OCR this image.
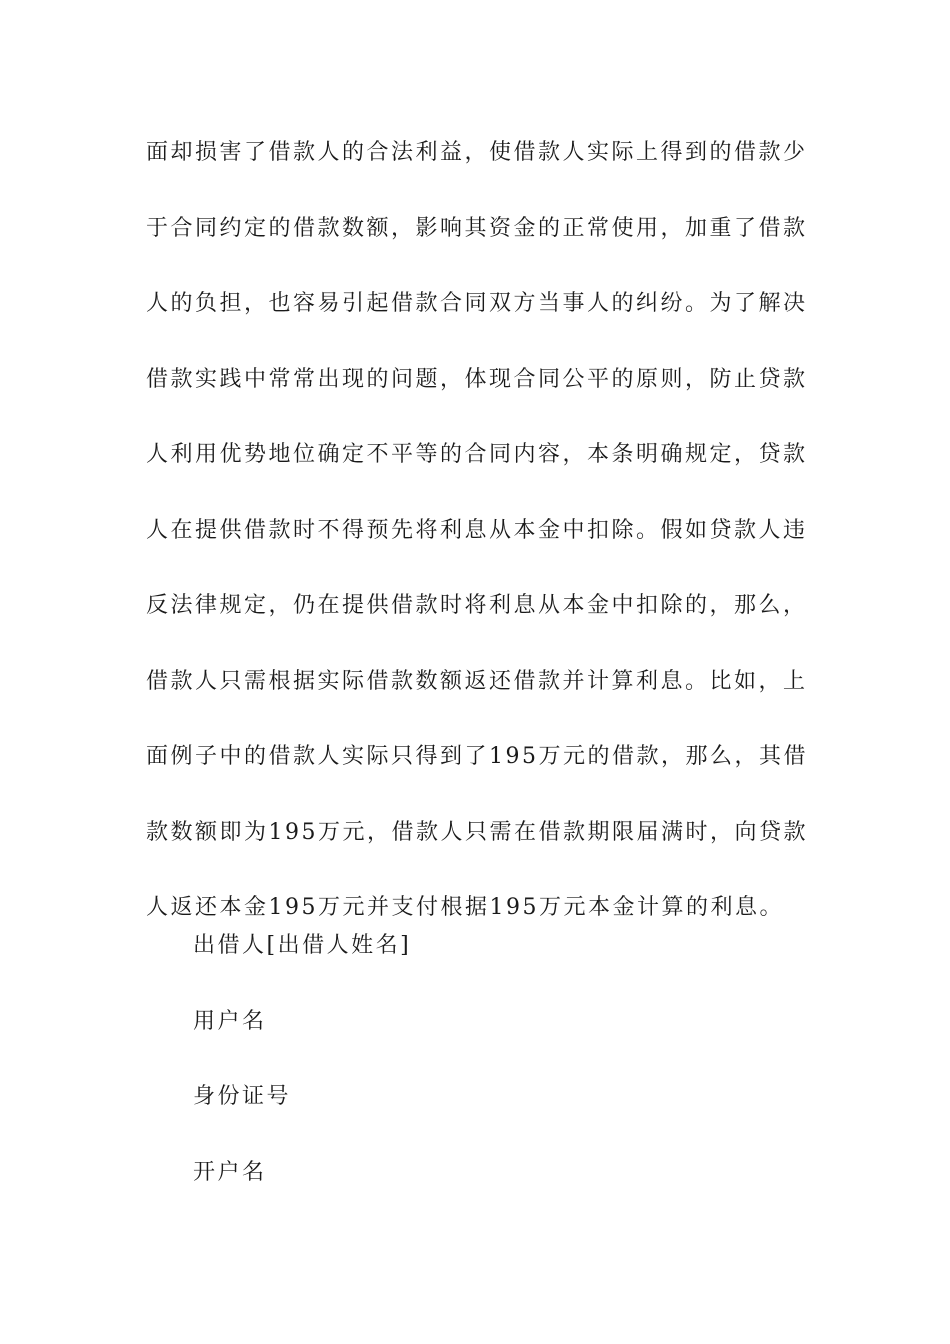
面却损害了借款人的合法利益，使借款人实际上得到的借款少
于合同约定的借款数额，影响其资金的正常使用，加重了借款
人的负担，也容易引起借款合同双方当事人的纠纷。为了解决
借款实践中常常出现的问题，体现合同公平的原则，防止贷款
人利用优势地位确定不平等的合同内容，本条明确规定，贷款
人在提供借款时不得预先将利息从本金中扣除。假如贷款人违
反法律规定，仍在提供借款时将利息从本金中扣除的，那么，
借款人只需根据实际借款数额返还借款并计算利息。比如，上
面例子中的借款人实际只得到了195万元的借款，那么，其借
款数额即为195万元，借款人只需在借款期限届满时，向贷款
人返还本金195万元并支付根据195万元本金计算的利息。
出借人[出借人姓名]
用户名
身份证号
开户名
